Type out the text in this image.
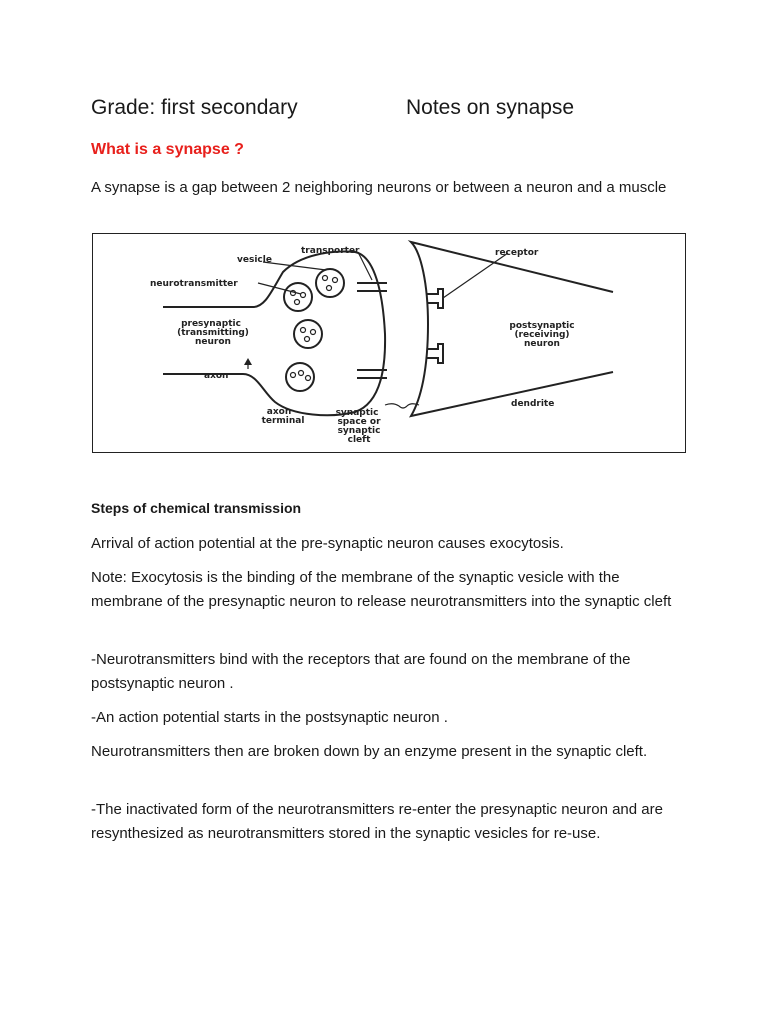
Grade: first secondary	Notes on synapse
What is a synapse ?
A synapse is a gap between 2 neighboring neurons or between a neuron and a muscle
vesicle
transporter
neurotransmitter
receptor
presynaptic
(transmitting)
neuron
postsynaptic
(receiving)
neuron
axon
axon
terminal
synaptic
space or
synaptic
cleft
dendrite
Steps of chemical transmission
Arrival of action potential at the pre-synaptic neuron causes exocytosis.
Note: Exocytosis is the binding of the membrane of the synaptic vesicle with the membrane of the presynaptic neuron to release neurotransmitters into the synaptic cleft
-Neurotransmitters bind with the receptors that are found on the membrane of the postsynaptic neuron .
-An action potential starts in the postsynaptic neuron .
Neurotransmitters then are broken down by an enzyme present in the synaptic cleft.
-The inactivated form of the neurotransmitters re-enter the presynaptic neuron and are resynthesized as neurotransmitters stored in the synaptic vesicles for re-use.
